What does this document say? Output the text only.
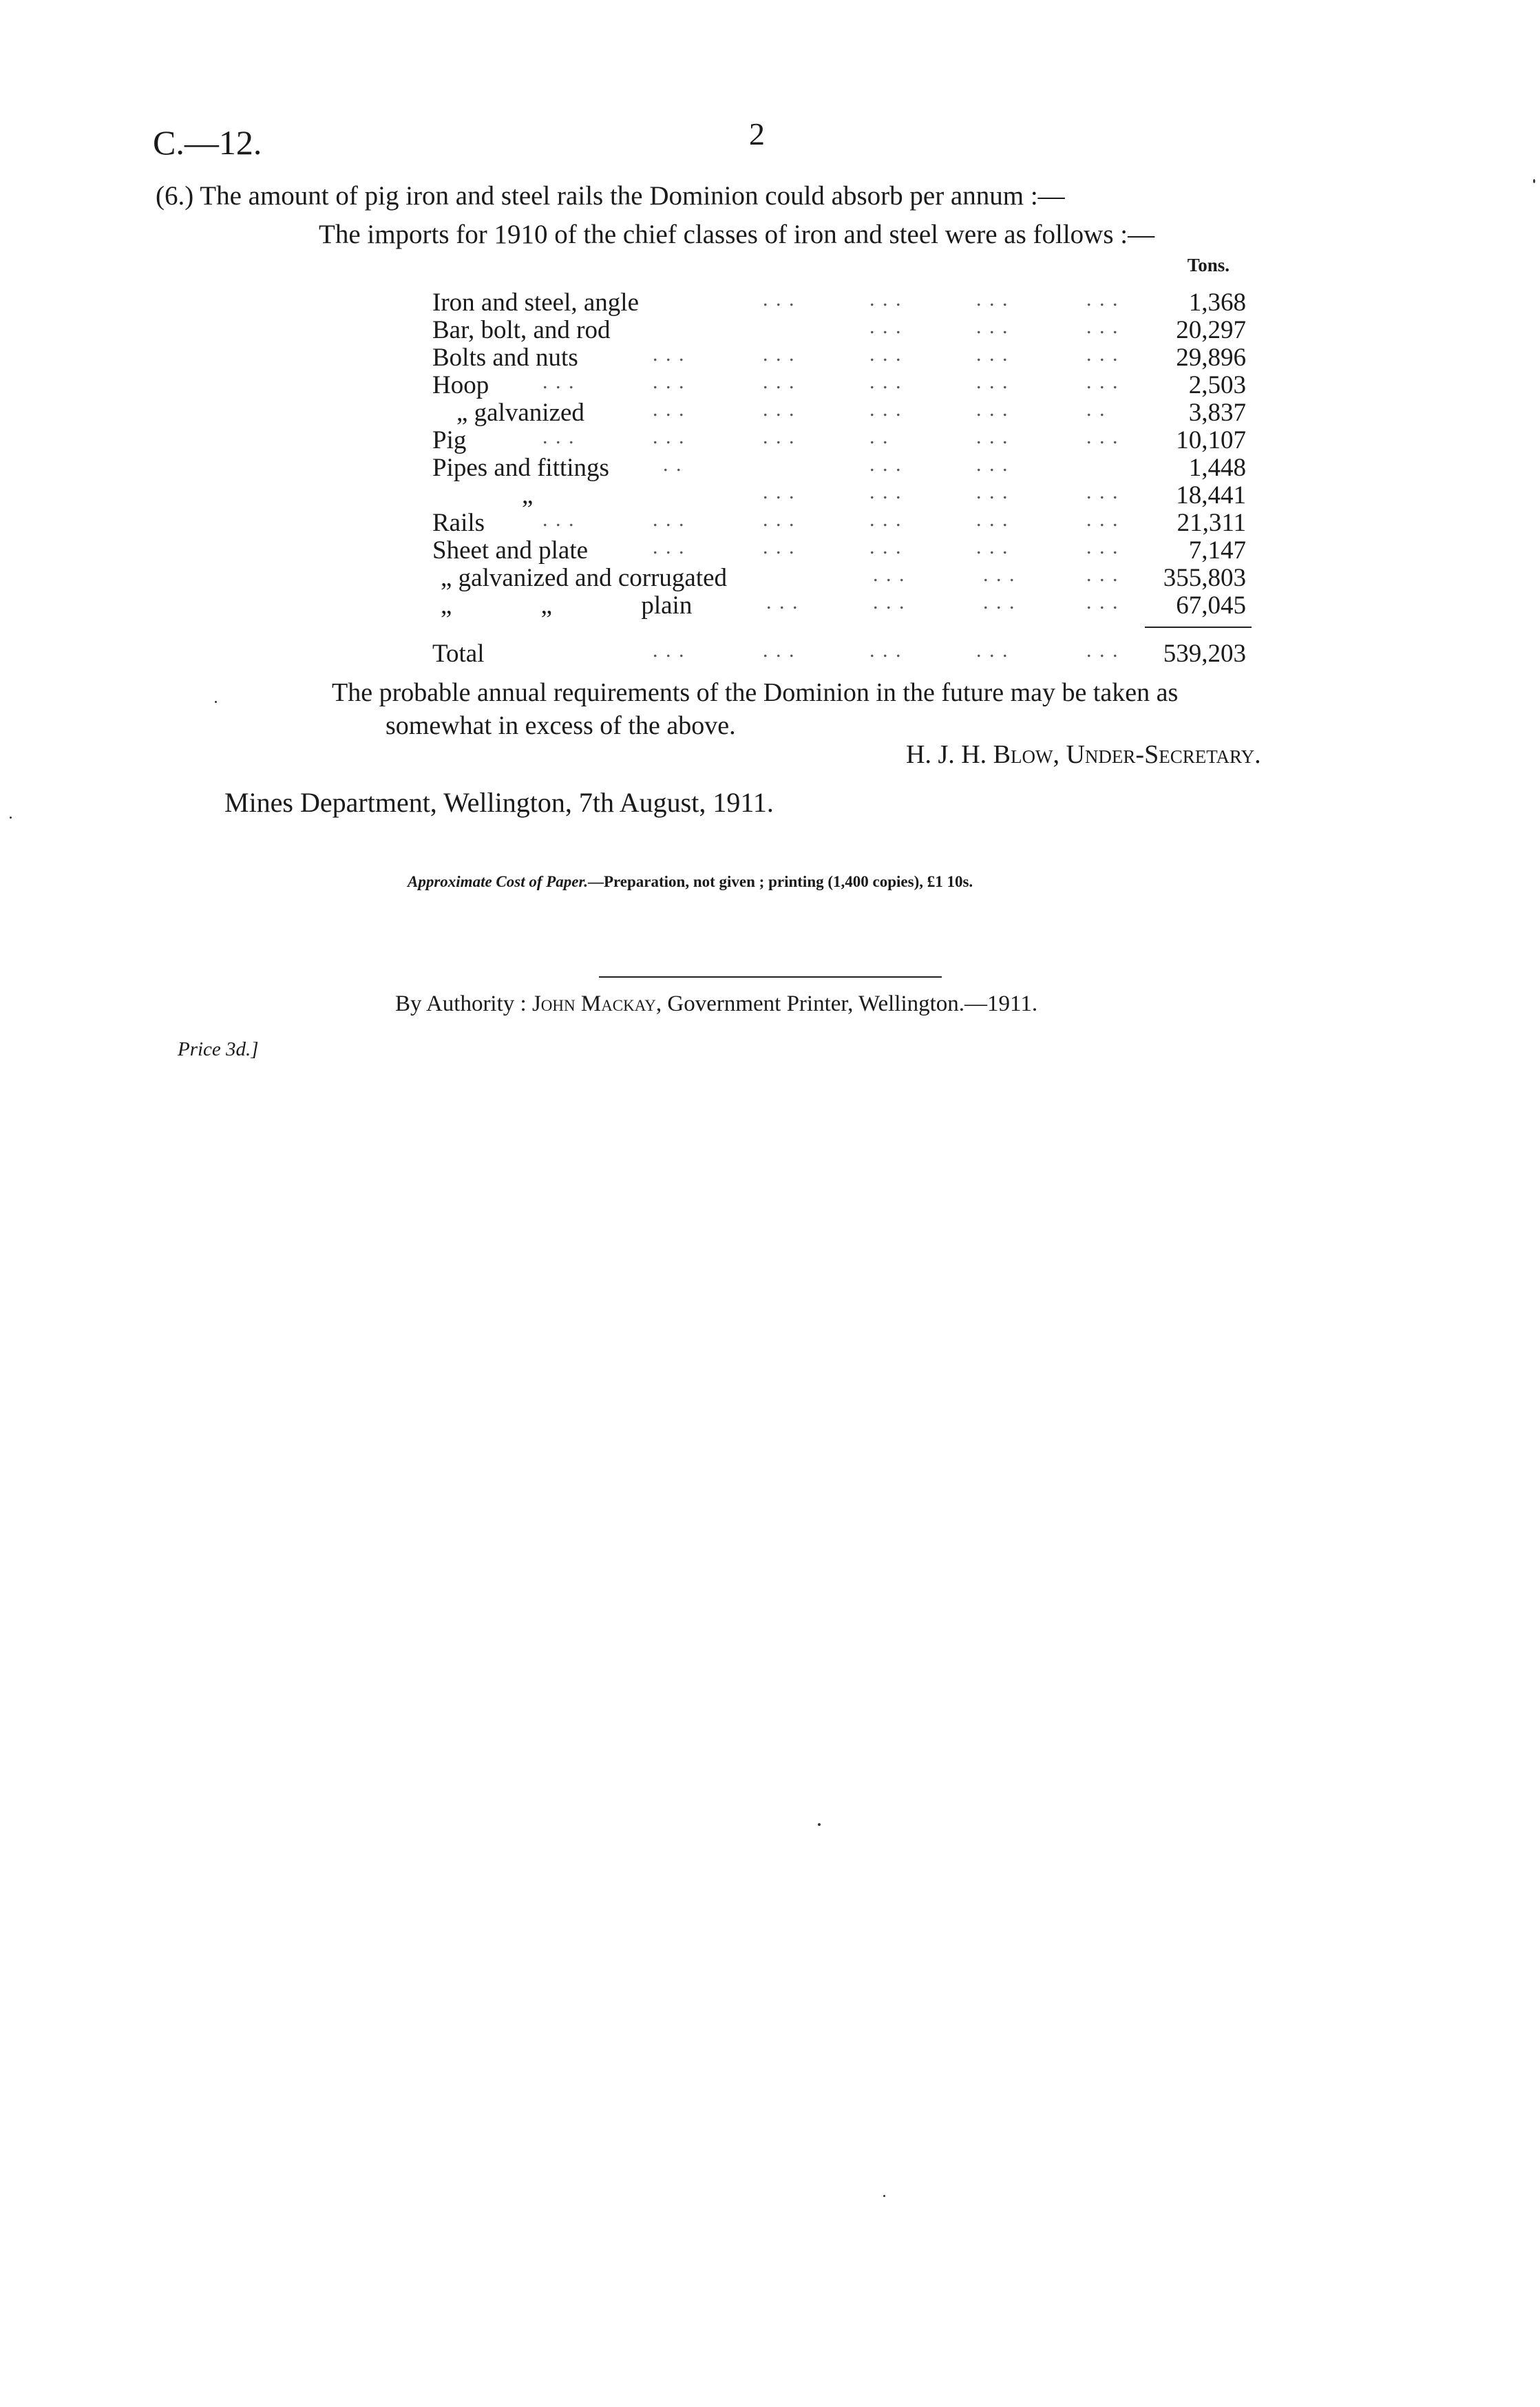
C.—12.	2
(6.) The amount of pig iron and steel rails the Dominion could absorb per annum :—
The imports for 1910 of the chief classes of iron and steel were as follows :—
Tons.
Iron and steel, angle	. . .	. . .	. . .	. . .	1,368
Bar, bolt, and rod	. . .	. . .	. . . 20,297
Bolts and nuts	. . .	. . .	. . .	. . .	. . . 29,896
Hoop	. . .	. . .	. . .	. . .	. . .	. . .	2,503
„ galvanized	. . .	. . .	. . .	. . .	. .	3,837
Pig	. . .	. . .	. . .	. .	. . .	. . . 10,107
Pipes and fittings	. .	. . .	. . .	1,448
„	. . .	. . .	. . .	. . . 18,441
Rails	. . .	. . .	. . .	. . .	. . .	. . . 21,311
Sheet and plate	. . .	. . .	. . .	. . .	. . .	7,147
„ galvanized and corrugated	. . .	. . .	. . . 355,803
„ „ plain	. . .	. . .	. . .	. . . 67,045
Total	. . .	. . .	. . .	. . .	. . . 539,203
The probable annual requirements of the Dominion in the future may be taken as
somewhat in excess of the above.
H. J. H. Blow, Under-Secretary.
Mines Department, Wellington, 7th August, 1911.
Approximate Cost of Paper.—Preparation, not given ; printing (1,400 copies), £1 10s.
By Authority : John Mackay, Government Printer, Wellington.—1911.
Price 3d.]
